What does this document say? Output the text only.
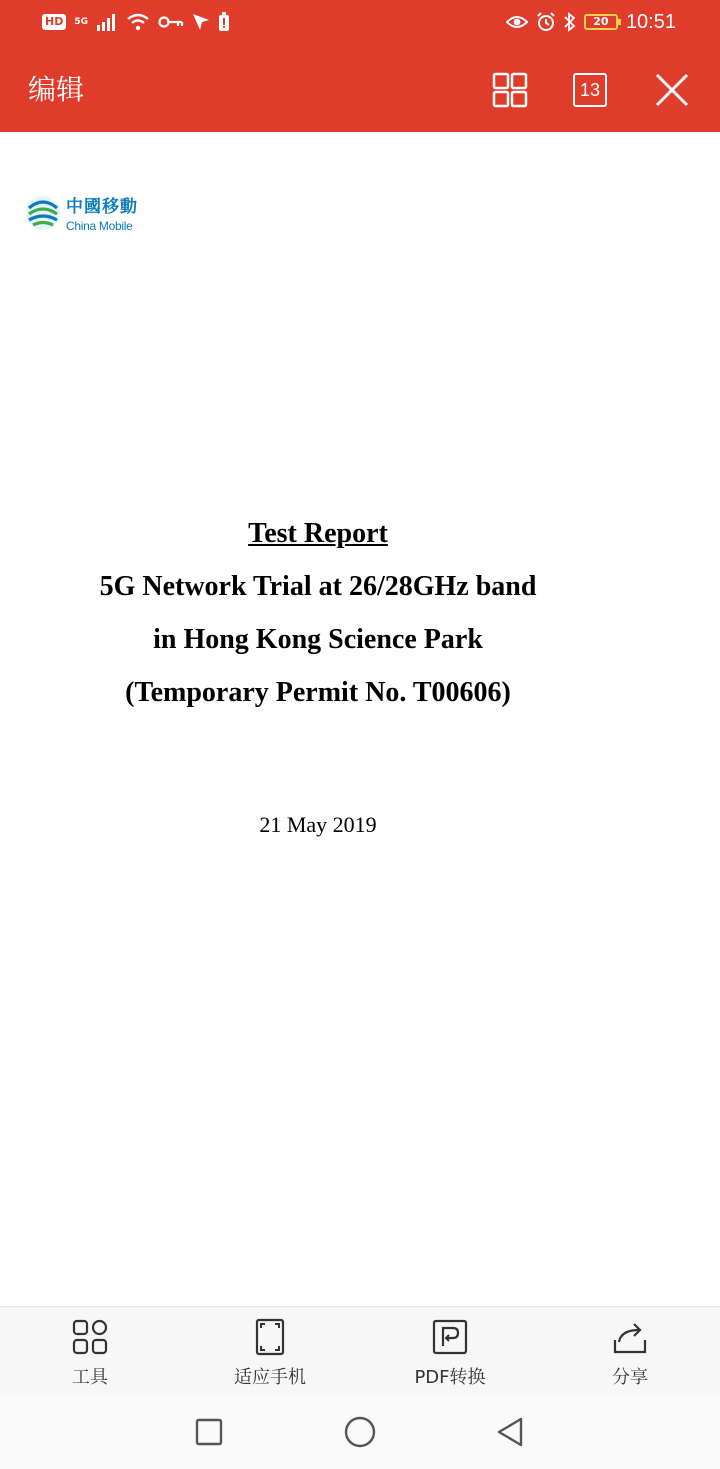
HD	5G	20 10:51
编辑	13
中國移動
China Mobile
Test Report
5G Network Trial at 26/28GHz band
in Hong Kong Science Park
(Temporary Permit No. T00606)
21 May 2019
工具	适应手机	PDF转换	分享
